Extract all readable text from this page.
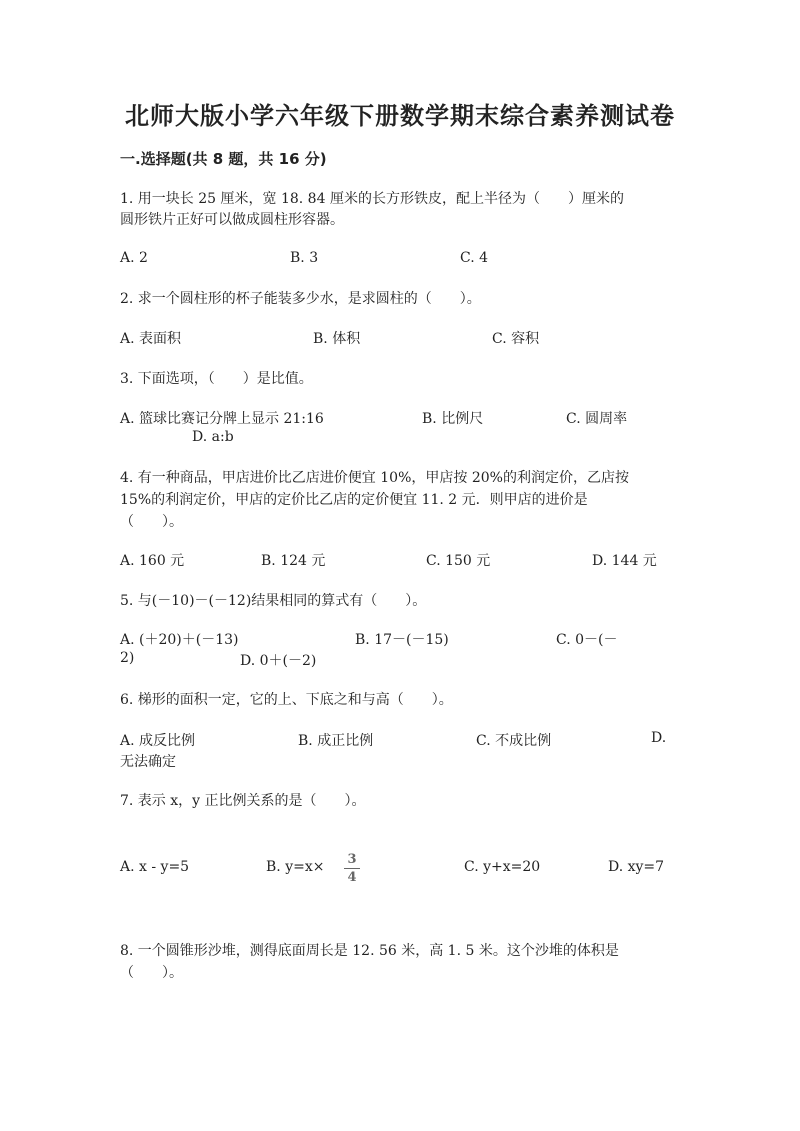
北师大版小学六年级下册数学期末综合素养测试卷
一.选择题(共 8 题，共 16 分)
1. 用一块长 25 厘米，宽 18. 84 厘米的长方形铁皮，配上半径为（　　）厘米的
圆形铁片正好可以做成圆柱形容器。
A. 2	B. 3	C. 4
2. 求一个圆柱形的杯子能装多少水，是求圆柱的（　　）。
A. 表面积	B. 体积	C. 容积
3. 下面选项，（　　）是比值。
A. 篮球比赛记分牌上显示 21:16	B. 比例尺	C. 圆周率
D. a:b
4. 有一种商品，甲店进价比乙店进价便宜 10%，甲店按 20%的利润定价，乙店按
15%的利润定价，甲店的定价比乙店的定价便宜 11. 2 元．则甲店的进价是
（　　）。
A. 160 元	B. 124 元	C. 150 元	D. 144 元
5. 与(－10)－(－12)结果相同的算式有（　　）。
A. (＋20)＋(－13)	B. 17－(－15)	C. 0－(－
2)	D. 0＋(－2)
6. 梯形的面积一定，它的上、下底之和与高（　　）。
A. 成反比例	B. 成正比例	C. 不成比例	D.
无法确定
7. 表示 x，y 正比例关系的是（　　）。
A. x - y=5	B. y=x× 3
4
C. y+x=20	D. xy=7
8. 一个圆锥形沙堆，测得底面周长是 12. 56 米，高 1. 5 米。这个沙堆的体积是
（　　）。
